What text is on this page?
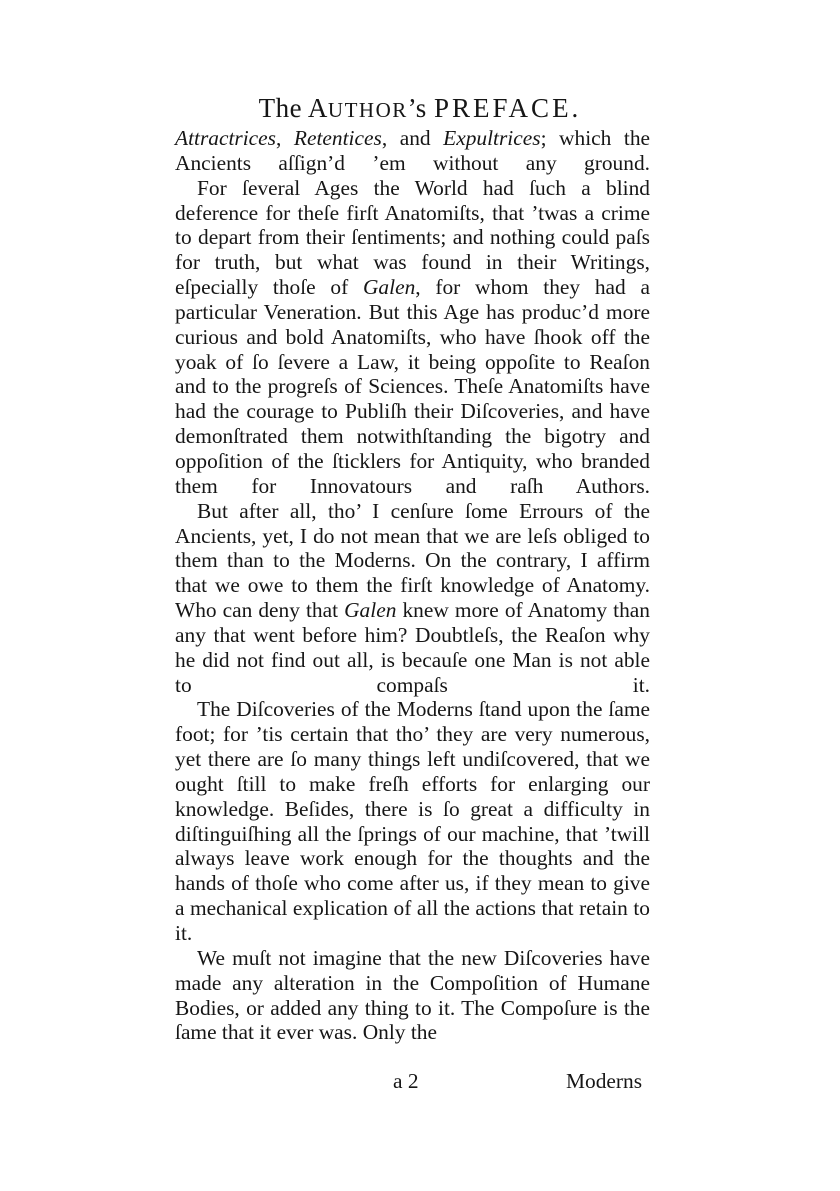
The AUTHOR’s PREFACE.

Attractrices, Retentices, and Expultrices; which the Ancients aſſign’d ’em without any ground.

For ſeveral Ages the World had ſuch a blind deference for theſe firſt Anatomiſts, that ’twas a crime to depart from their ſentiments; and nothing could paſs for truth, but what was found in their Writings, eſpecially thoſe of Galen, for whom they had a particular Veneration. But this Age has produc’d more curious and bold Anatomiſts, who have ſhook off the yoak of ſo ſevere a Law, it being oppoſite to Reaſon and to the progreſs of Sciences. Theſe Anatomiſts have had the courage to Publiſh their Diſcoveries, and have demonſtrated them notwithſtanding the bigotry and oppoſition of the ſticklers for Antiquity, who branded them for Innovatours and raſh Authors.

But after all, tho’ I cenſure ſome Errours of the Ancients, yet, I do not mean that we are leſs obliged to them than to the Moderns. On the contrary, I affirm that we owe to them the firſt knowledge of Anatomy. Who can deny that Galen knew more of Anatomy than any that went before him? Doubtleſs, the Reaſon why he did not find out all, is becauſe one Man is not able to compaſs it.

The Diſcoveries of the Moderns ſtand upon the ſame foot; for ’tis certain that tho’ they are very numerous, yet there are ſo many things left undiſcovered, that we ought ſtill to make freſh efforts for enlarging our knowledge. Beſides, there is ſo great a difficulty in diſtinguiſhing all the ſprings of our machine, that ’twill always leave work enough for the thoughts and the hands of thoſe who come after us, if they mean to give a mechanical explication of all the actions that retain to it.

We muſt not imagine that the new Diſcoveries have made any alteration in the Compoſition of Humane Bodies, or added any thing to it. The Compoſure is the ſame that it ever was. Only the

a 2	Moderns
